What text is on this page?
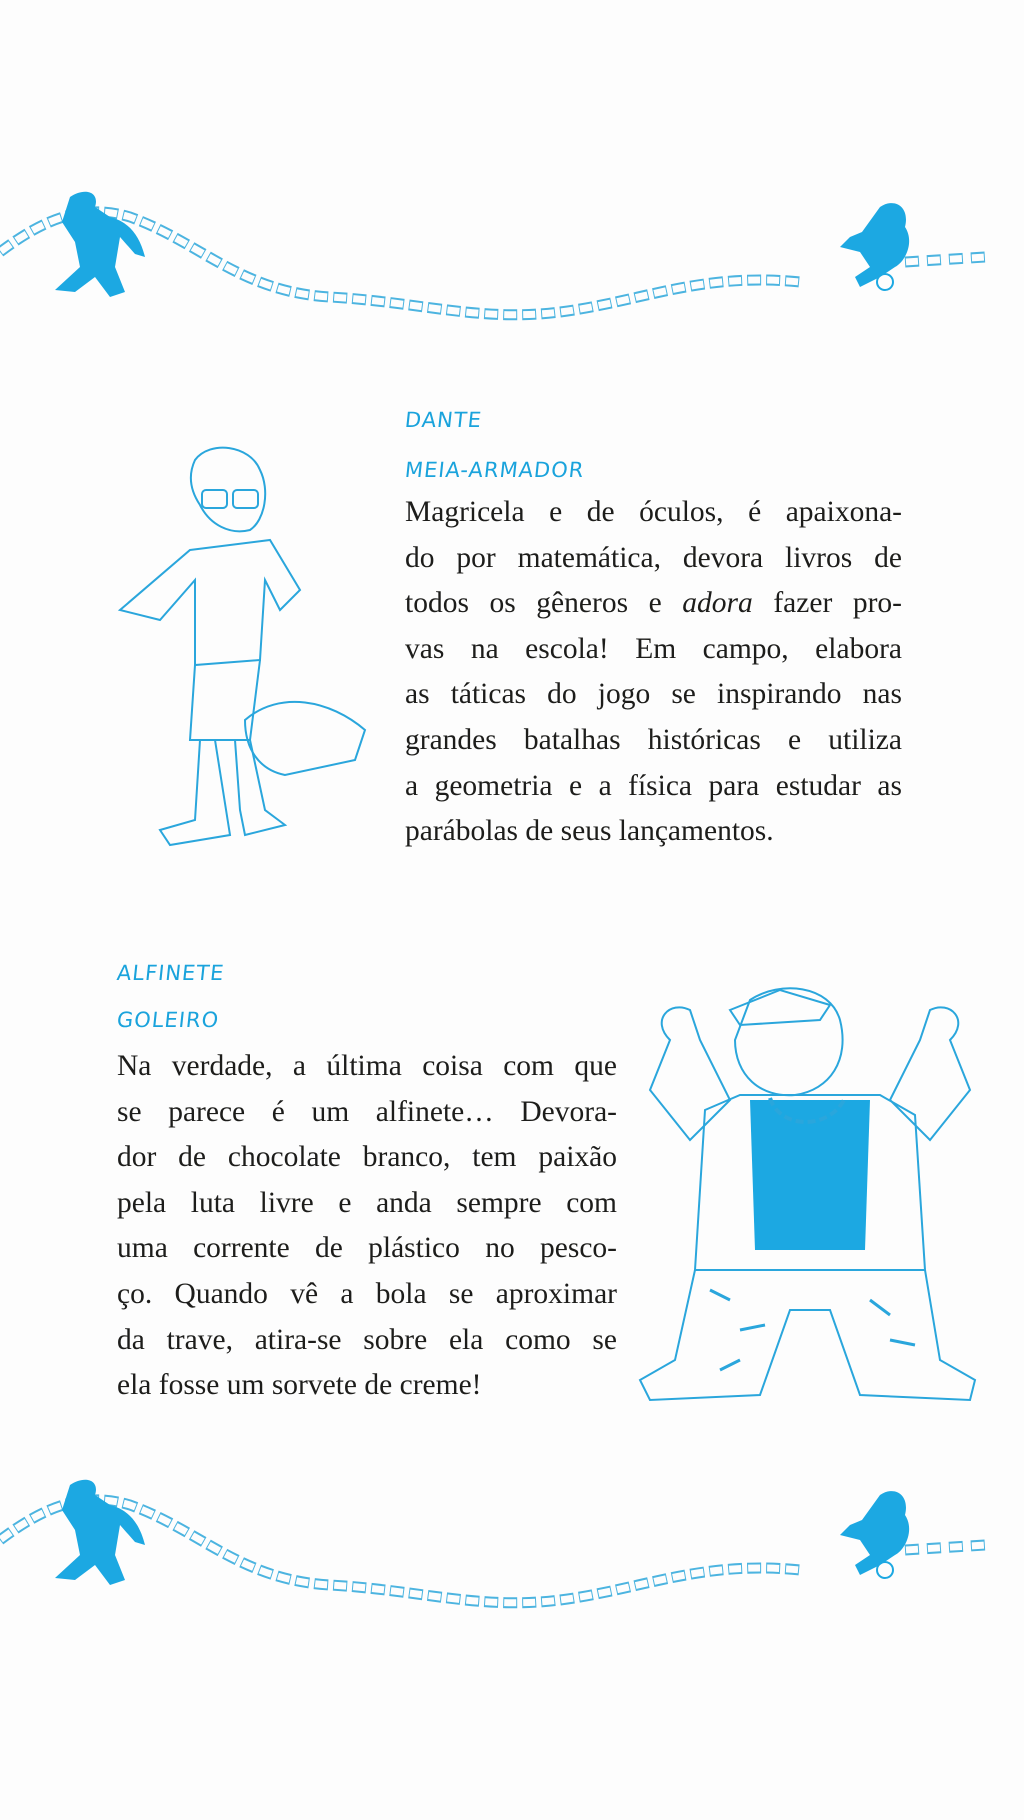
DANTE
MEIA-ARMADOR
Magricela e de óculos, é apaixona-
do por matemática, devora livros de
todos os gêneros e adora fazer pro-
vas na escola! Em campo, elabora
as táticas do jogo se inspirando nas
grandes batalhas históricas e utiliza
a geometria e a física para estudar as
parábolas de seus lançamentos.
ALFINETE
GOLEIRO
Na verdade, a última coisa com que
se parece é um alfinete… Devora-
dor de chocolate branco, tem paixão
pela luta livre e anda sempre com
uma corrente de plástico no pesco-
ço. Quando vê a bola se aproximar
da trave, atira-se sobre ela como se
ela fosse um sorvete de creme!
